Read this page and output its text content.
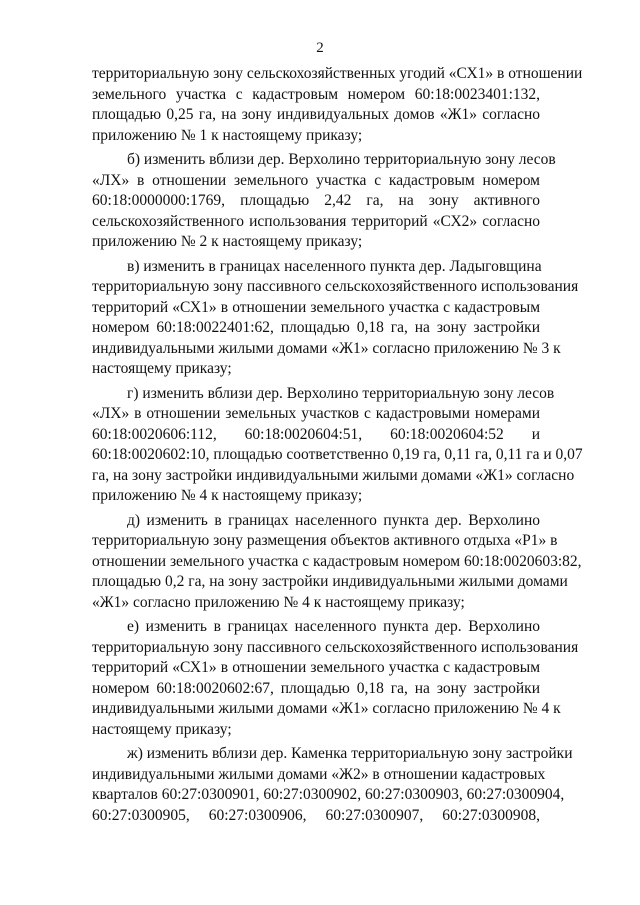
2
территориальную зону сельскохозяйственных угодий «СХ1» в отношении
земельного участка с кадастровым номером 60:18:0023401:132,
площадью 0,25 га, на зону индивидуальных домов «Ж1» согласно
приложению № 1 к настоящему приказу;
б) изменить вблизи дер. Верхолино территориальную зону лесов
«ЛХ» в отношении земельного участка с кадастровым номером
60:18:0000000:1769, площадью 2,42 га, на зону активного
сельскохозяйственного использования территорий «СХ2» согласно
приложению № 2 к настоящему приказу;
в) изменить в границах населенного пункта дер. Ладыговщина
территориальную зону пассивного сельскохозяйственного использования
территорий «СХ1» в отношении земельного участка с кадастровым
номером 60:18:0022401:62, площадью 0,18 га, на зону застройки
индивидуальными жилыми домами «Ж1» согласно приложению № 3 к
настоящему приказу;
г) изменить вблизи дер. Верхолино территориальную зону лесов
«ЛХ» в отношении земельных участков с кадастровыми номерами
60:18:0020606:112, 60:18:0020604:51, 60:18:0020604:52 и
60:18:0020602:10, площадью соответственно 0,19 га, 0,11 га, 0,11 га и 0,07
га, на зону застройки индивидуальными жилыми домами «Ж1» согласно
приложению № 4 к настоящему приказу;
д) изменить в границах населенного пункта дер. Верхолино
территориальную зону размещения объектов активного отдыха «Р1» в
отношении земельного участка с кадастровым номером 60:18:0020603:82,
площадью 0,2 га, на зону застройки индивидуальными жилыми домами
«Ж1» согласно приложению № 4 к настоящему приказу;
е) изменить в границах населенного пункта дер. Верхолино
территориальную зону пассивного сельскохозяйственного использования
территорий «СХ1» в отношении земельного участка с кадастровым
номером 60:18:0020602:67, площадью 0,18 га, на зону застройки
индивидуальными жилыми домами «Ж1» согласно приложению № 4 к
настоящему приказу;
ж) изменить вблизи дер. Каменка территориальную зону застройки
индивидуальными жилыми домами «Ж2» в отношении кадастровых
кварталов 60:27:0300901, 60:27:0300902, 60:27:0300903, 60:27:0300904,
60:27:0300905, 60:27:0300906, 60:27:0300907, 60:27:0300908,
